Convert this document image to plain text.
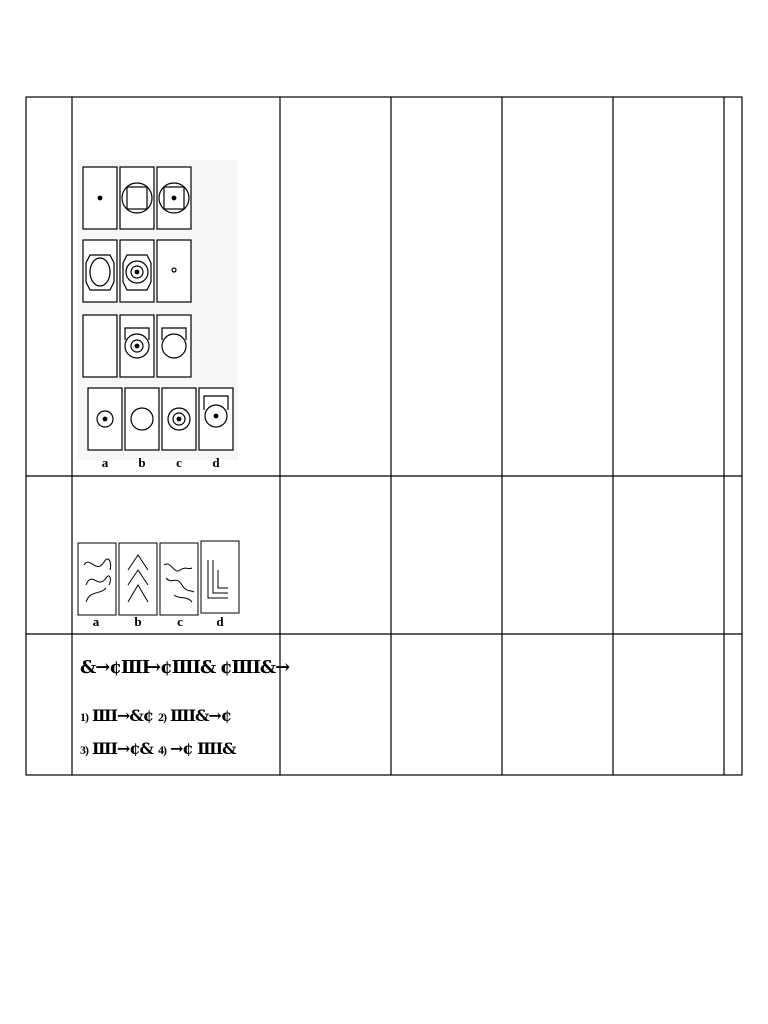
a	b	c	d
a	b	c	d
&→¢ⅢⅠ
→¢ⅢⅠ& ¢ⅢⅠ&→
1) ⅢⅠ→&¢ 2) ⅢⅠ&→¢
3) ⅢⅠ→¢& 4) →¢ ⅢⅠ&
